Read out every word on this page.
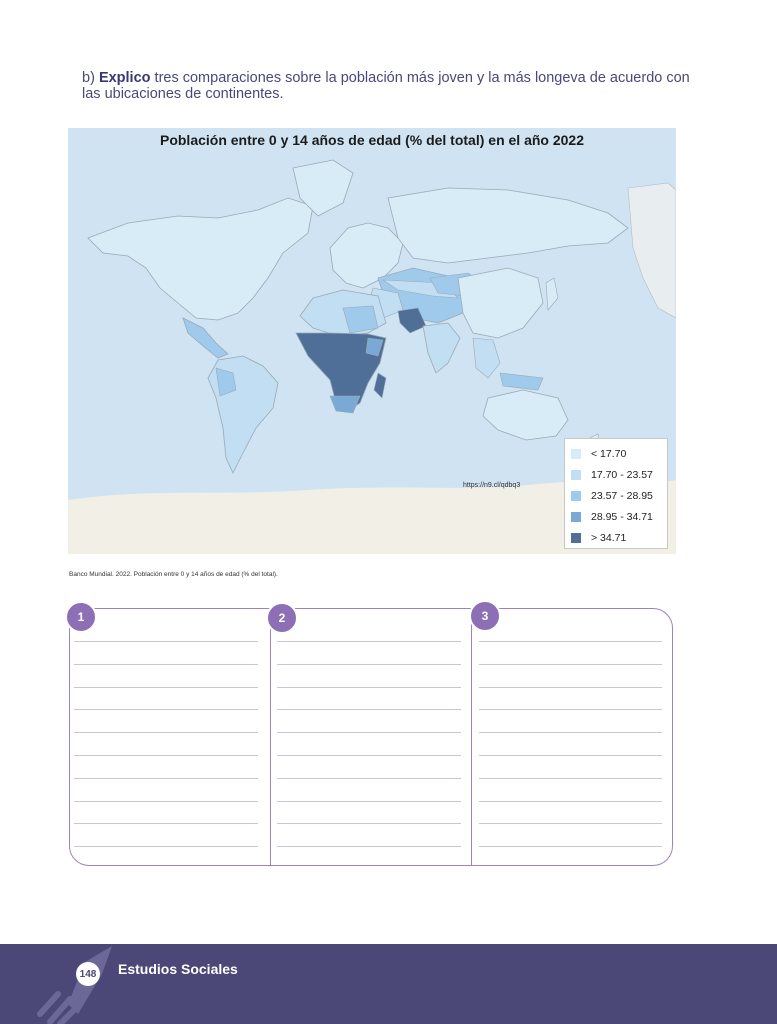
b) Explico tres comparaciones sobre la población más joven y la más longeva de acuerdo con las ubicaciones de continentes.
Población entre 0 y 14 años de edad (% del total) en el año 2022
https://n9.cl/qdbq3
< 17.70
17.70 - 23.57
23.57 - 28.95
28.95 - 34.71
> 34.71
Banco Mundial. 2022. Población entre 0 y 14 años de edad (% del total).
1	2	3
148 Estudios Sociales
